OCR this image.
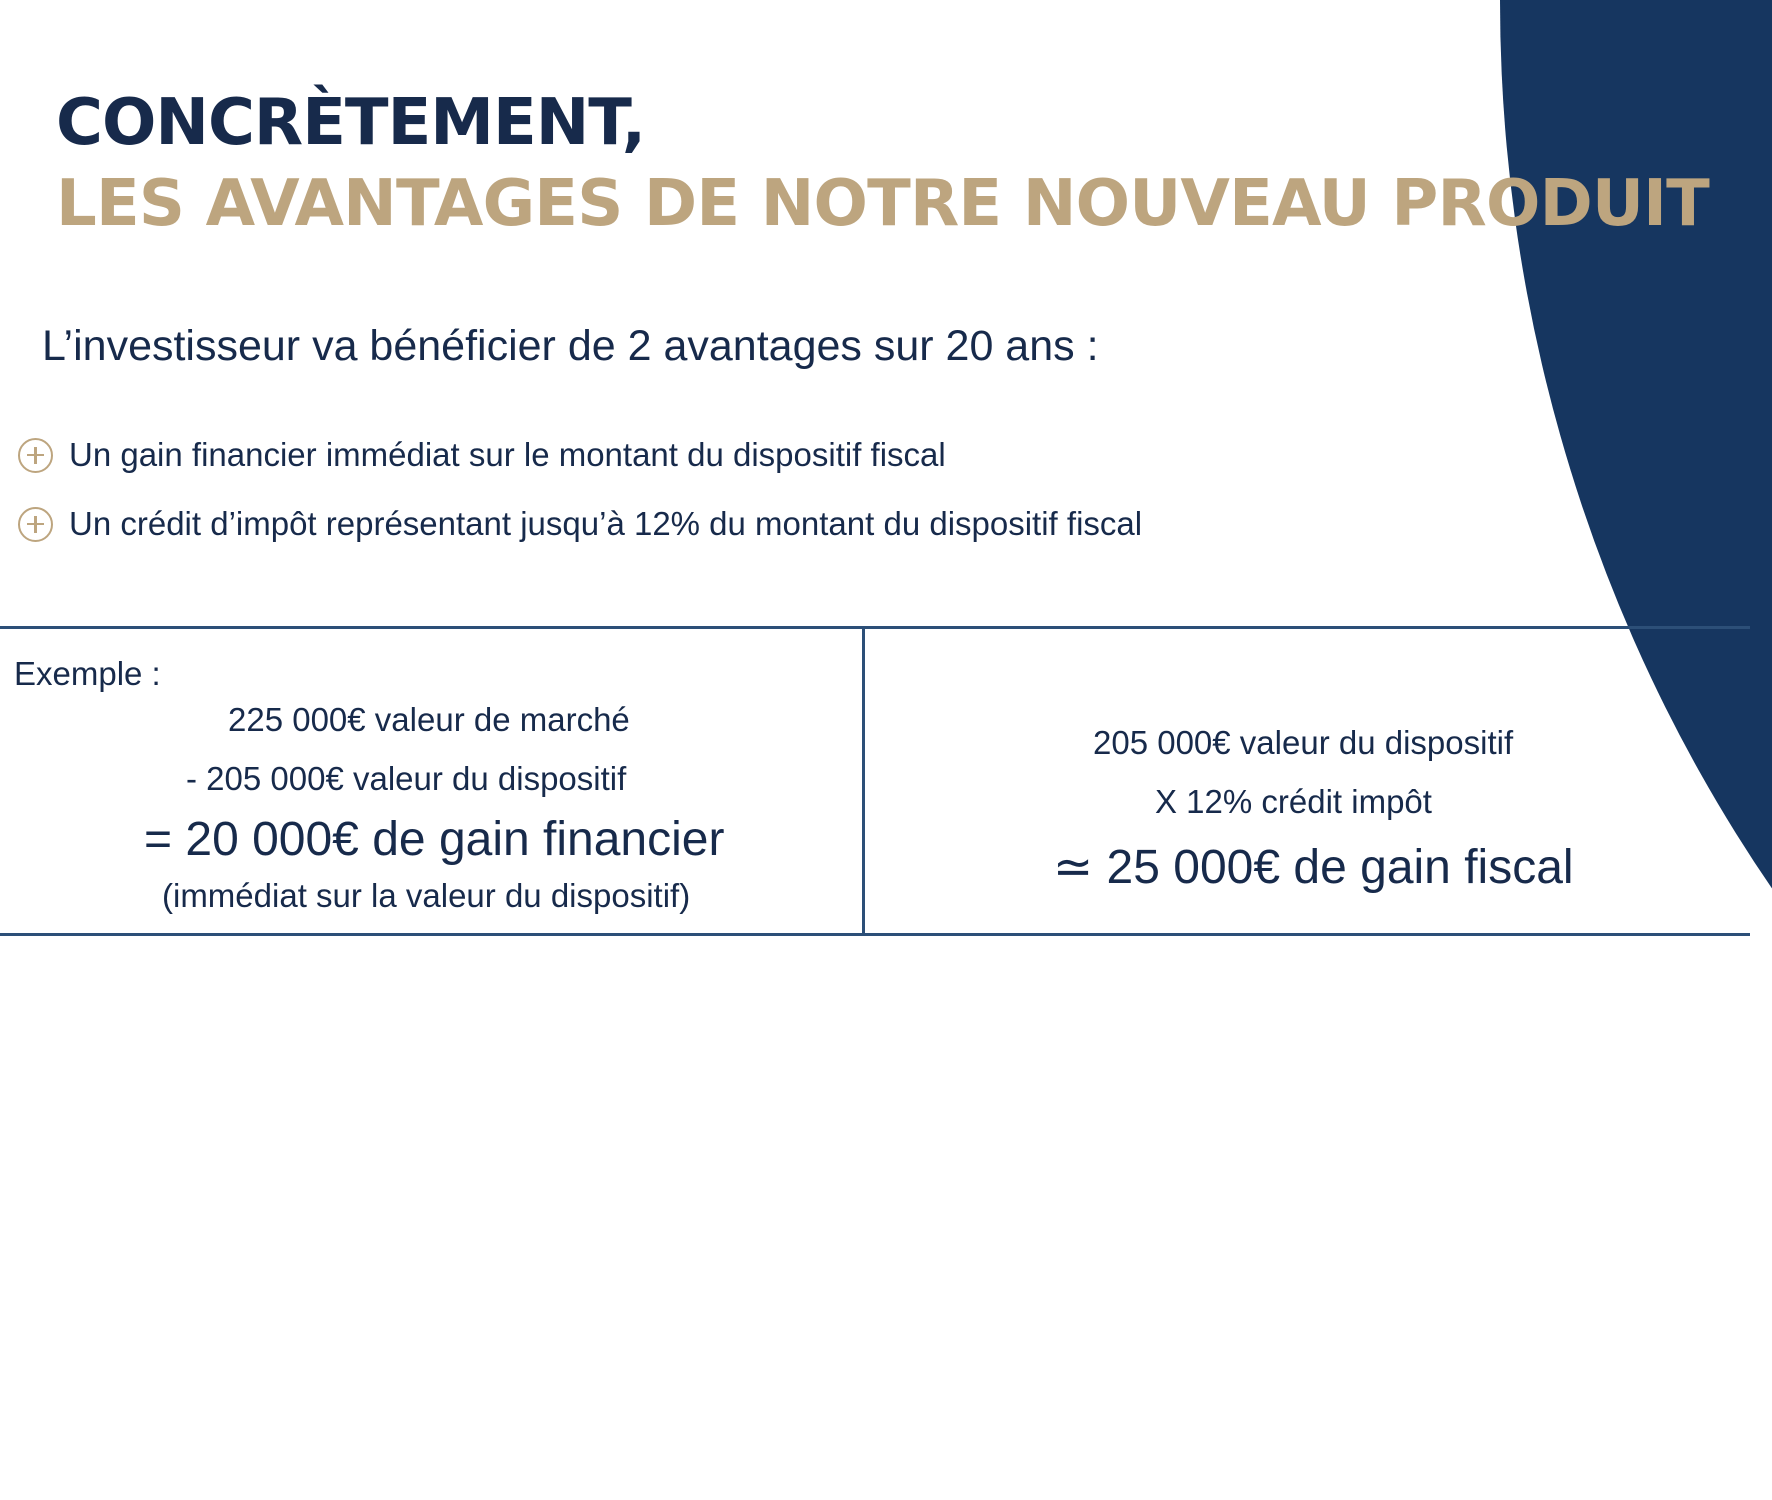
CONCRÈTEMENT,
LES AVANTAGES DE NOTRE NOUVEAU PRODUIT
L’investisseur va bénéficier de 2 avantages sur 20 ans :
Un gain financier immédiat sur le montant du dispositif fiscal
Un crédit d’impôt représentant jusqu’à 12% du montant du dispositif fiscal
Exemple :
225 000€ valeur de marché
- 205 000€ valeur du dispositif
= 20 000€ de gain financier
(immédiat sur la valeur du dispositif)
205 000€ valeur du dispositif
X 12% crédit impôt
≃ 25 000€ de gain fiscal
